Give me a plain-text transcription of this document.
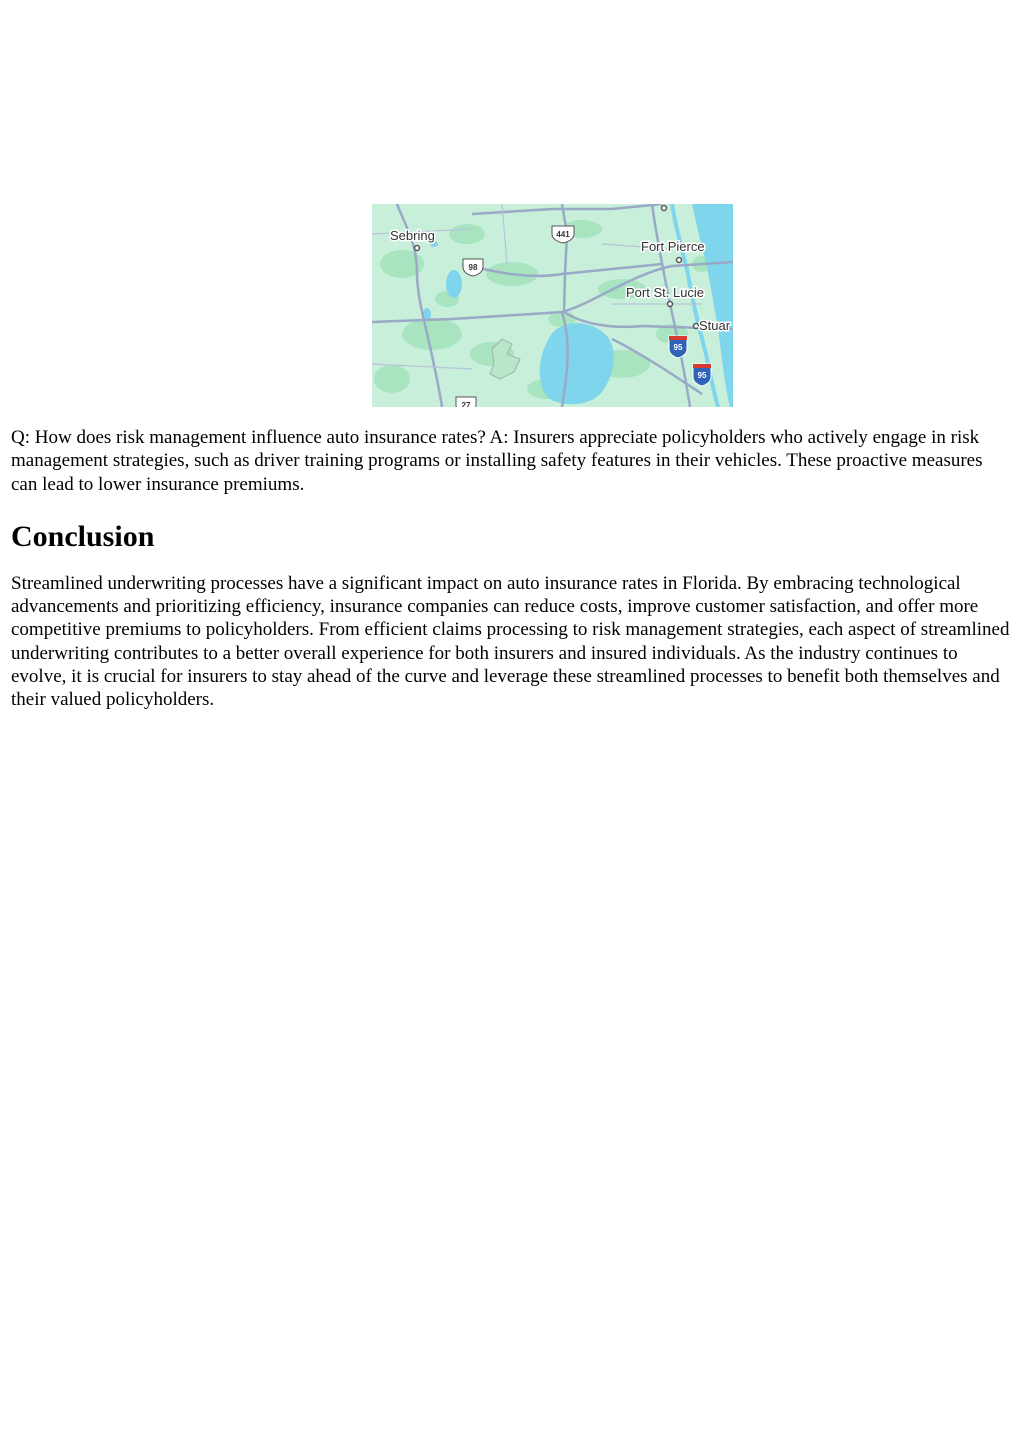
Sebring
Fort Pierce
Port St. Lucie
Stuar
441
98
27
95
95

Q: How does risk management influence auto insurance rates? A: Insurers appreciate policyholders who actively engage in risk management strategies, such as driver training programs or installing safety features in their vehicles. These proactive measures can lead to lower insurance premiums.

Conclusion

Streamlined underwriting processes have a significant impact on auto insurance rates in Florida. By embracing technological advancements and prioritizing efficiency, insurance companies can reduce costs, improve customer satisfaction, and offer more competitive premiums to policyholders. From efficient claims processing to risk management strategies, each aspect of streamlined underwriting contributes to a better overall experience for both insurers and insured individuals. As the industry continues to evolve, it is crucial for insurers to stay ahead of the curve and leverage these streamlined processes to benefit both themselves and their valued policyholders.
